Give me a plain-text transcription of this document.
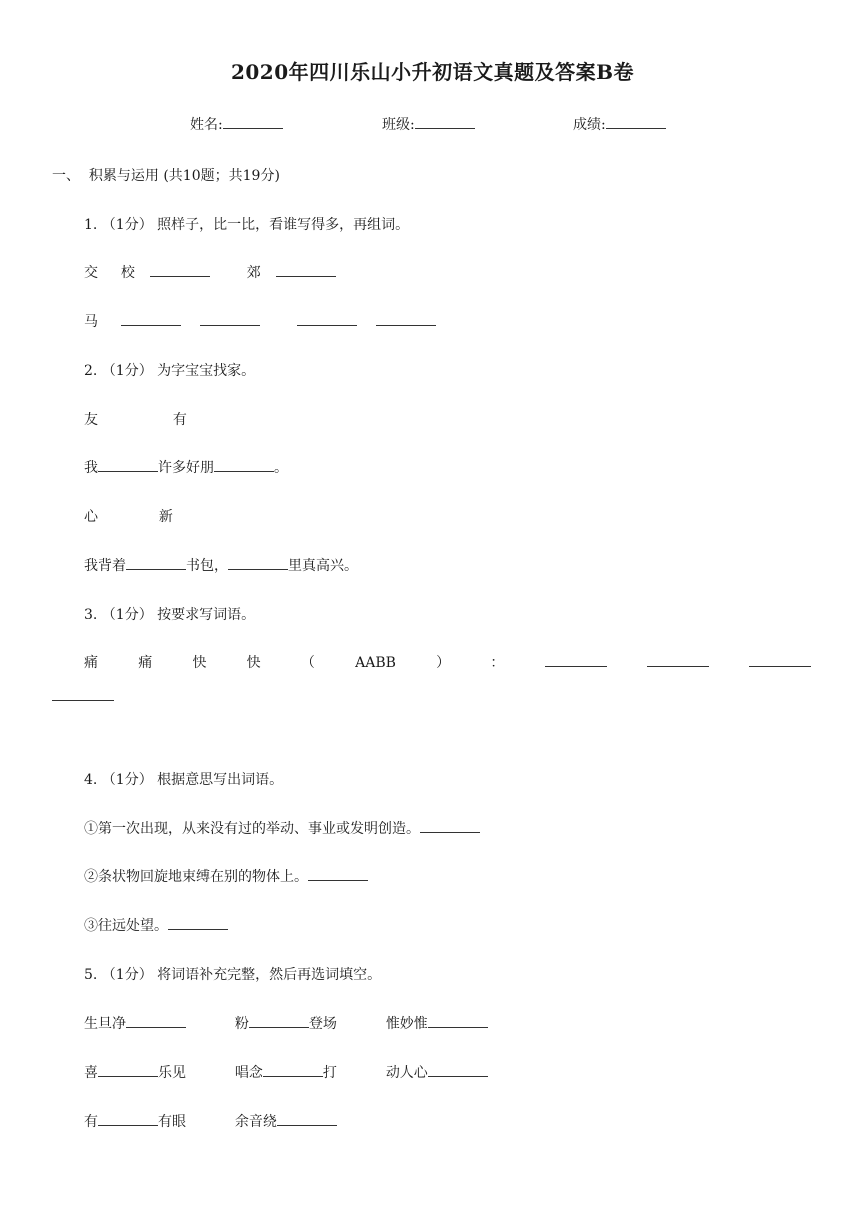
2020年四川乐山小升初语文真题及答案B卷
姓名:	班级:	成绩:
一、  积累与运用 (共10题；共19分)
1. （1分） 照样子，比一比，看谁写得多，再组词。
交 校	郊
马
2. （1分） 为字宝宝找家。
友	有
我	许多好朋	。
心	新
我背着	书包，	里真高兴。
3. （1分） 按要求写词语。
痛	痛	快	快	（	AABB	）	：
4. （1分） 根据意思写出词语。
①第一次出现，从来没有过的举动、事业或发明创造。
②条状物回旋地束缚在别的物体上。
③往远处望。
5. （1分） 将词语补充完整，然后再选词填空。
生旦净	粉	登场	惟妙惟
喜	乐见	唱念	打	动人心
有	有眼	余音绕
